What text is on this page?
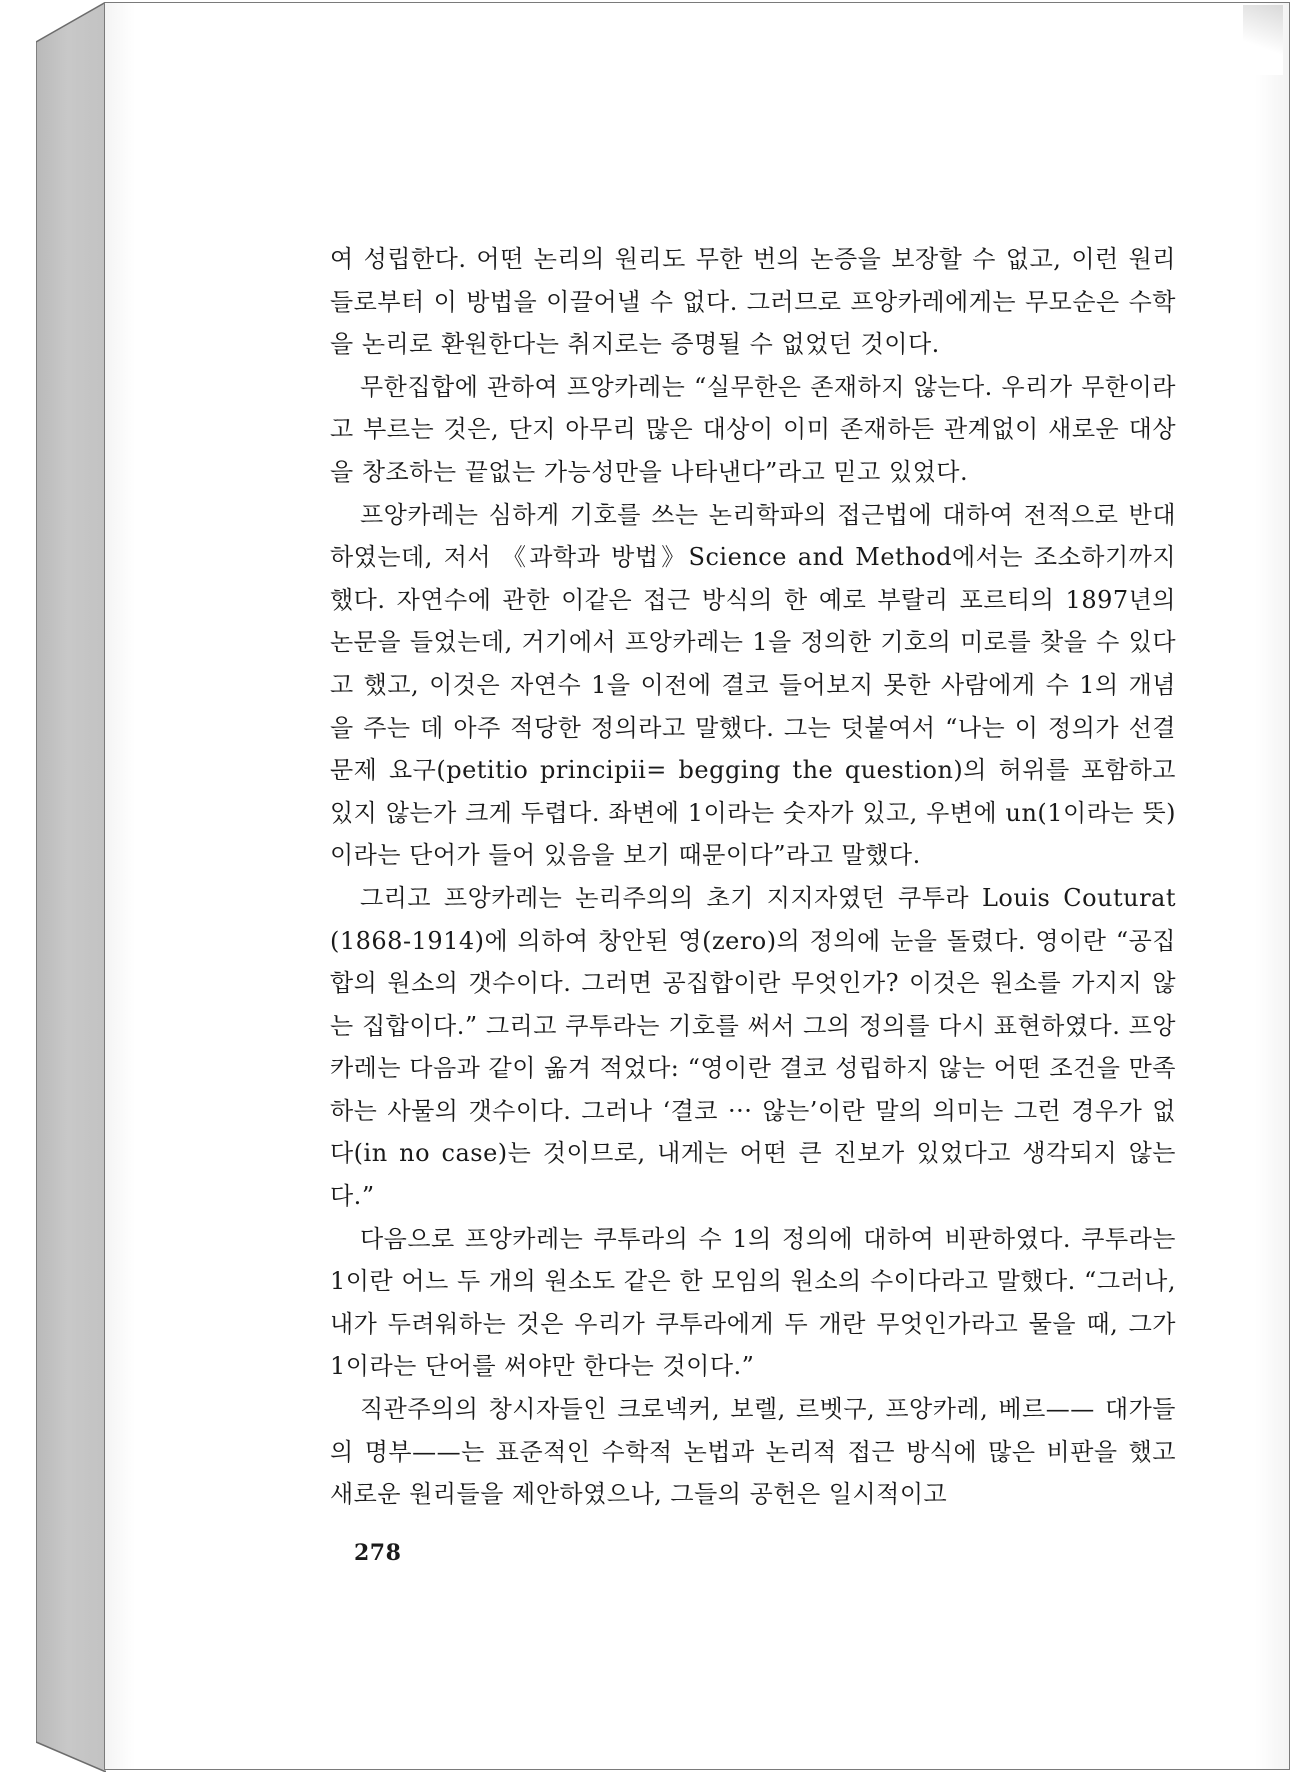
여 성립한다. 어떤 논리의 원리도 무한 번의 논증을 보장할 수 없고, 이런 원리들로부터 이 방법을 이끌어낼 수 없다. 그러므로 프앙카레에게는 무모순은 수학을 논리로 환원한다는 취지로는 증명될 수 없었던 것이다.

무한집합에 관하여 프앙카레는 “실무한은 존재하지 않는다. 우리가 무한이라고 부르는 것은, 단지 아무리 많은 대상이 이미 존재하든 관계없이 새로운 대상을 창조하는 끝없는 가능성만을 나타낸다”라고 믿고 있었다.

프앙카레는 심하게 기호를 쓰는 논리학파의 접근법에 대하여 전적으로 반대하였는데, 저서 《과학과 방법》Science and Method에서는 조소하기까지 했다. 자연수에 관한 이같은 접근 방식의 한 예로 부랄리 포르티의 1897년의 논문을 들었는데, 거기에서 프앙카레는 1을 정의한 기호의 미로를 찾을 수 있다고 했고, 이것은 자연수 1을 이전에 결코 들어보지 못한 사람에게 수 1의 개념을 주는 데 아주 적당한 정의라고 말했다. 그는 덧붙여서 “나는 이 정의가 선결 문제 요구(petitio principii= begging the question)의 허위를 포함하고 있지 않는가 크게 두렵다. 좌변에 1이라는 숫자가 있고, 우변에 un(1이라는 뜻)이라는 단어가 들어 있음을 보기 때문이다”라고 말했다.

그리고 프앙카레는 논리주의의 초기 지지자였던 쿠투라 Louis Couturat (1868-1914)에 의하여 창안된 영(zero)의 정의에 눈을 돌렸다. 영이란 “공집합의 원소의 갯수이다. 그러면 공집합이란 무엇인가? 이것은 원소를 가지지 않는 집합이다.” 그리고 쿠투라는 기호를 써서 그의 정의를 다시 표현하였다. 프앙카레는 다음과 같이 옮겨 적었다: “영이란 결코 성립하지 않는 어떤 조건을 만족하는 사물의 갯수이다. 그러나 ‘결코 ··· 않는’이란 말의 의미는 그런 경우가 없다(in no case)는 것이므로, 내게는 어떤 큰 진보가 있었다고 생각되지 않는다.”

다음으로 프앙카레는 쿠투라의 수 1의 정의에 대하여 비판하였다. 쿠투라는 1이란 어느 두 개의 원소도 같은 한 모임의 원소의 수이다라고 말했다. “그러나, 내가 두려워하는 것은 우리가 쿠투라에게 두 개란 무엇인가라고 물을 때, 그가 1이라는 단어를 써야만 한다는 것이다.”

직관주의의 창시자들인 크로넥커, 보렐, 르벳구, 프앙카레, 베르—— 대가들의 명부——는 표준적인 수학적 논법과 논리적 접근 방식에 많은 비판을 했고 새로운 원리들을 제안하였으나, 그들의 공헌은 일시적이고

278
